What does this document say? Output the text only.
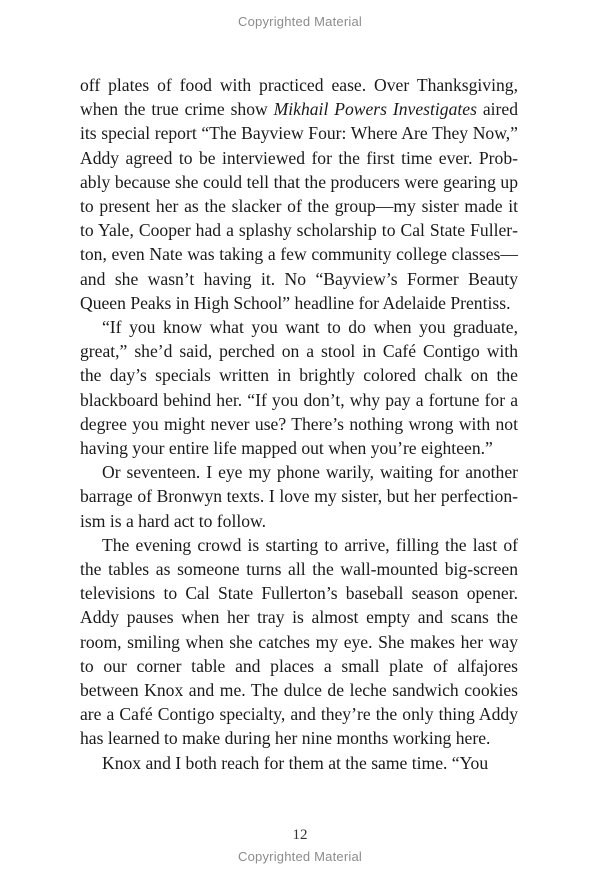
Copyrighted Material

off plates of food with practiced ease. Over Thanksgiving, when the true crime show Mikhail Powers Investigates aired its special report “The Bayview Four: Where Are They Now,” Addy agreed to be interviewed for the first time ever. Probably because she could tell that the producers were gearing up to present her as the slacker of the group—my sister made it to Yale, Cooper had a splashy scholarship to Cal State Fullerton, even Nate was taking a few community college classes—and she wasn’t having it. No “Bayview’s Former Beauty Queen Peaks in High School” headline for Adelaide Prentiss.

“If you know what you want to do when you graduate, great,” she’d said, perched on a stool in Café Contigo with the day’s specials written in brightly colored chalk on the blackboard behind her. “If you don’t, why pay a fortune for a degree you might never use? There’s nothing wrong with not having your entire life mapped out when you’re eighteen.”

Or seventeen. I eye my phone warily, waiting for another barrage of Bronwyn texts. I love my sister, but her perfectionism is a hard act to follow.

The evening crowd is starting to arrive, filling the last of the tables as someone turns all the wall-mounted big-screen televisions to Cal State Fullerton’s baseball season opener. Addy pauses when her tray is almost empty and scans the room, smiling when she catches my eye. She makes her way to our corner table and places a small plate of alfajores between Knox and me. The dulce de leche sandwich cookies are a Café Contigo specialty, and they’re the only thing Addy has learned to make during her nine months working here.

Knox and I both reach for them at the same time. “You

12
Copyrighted Material
